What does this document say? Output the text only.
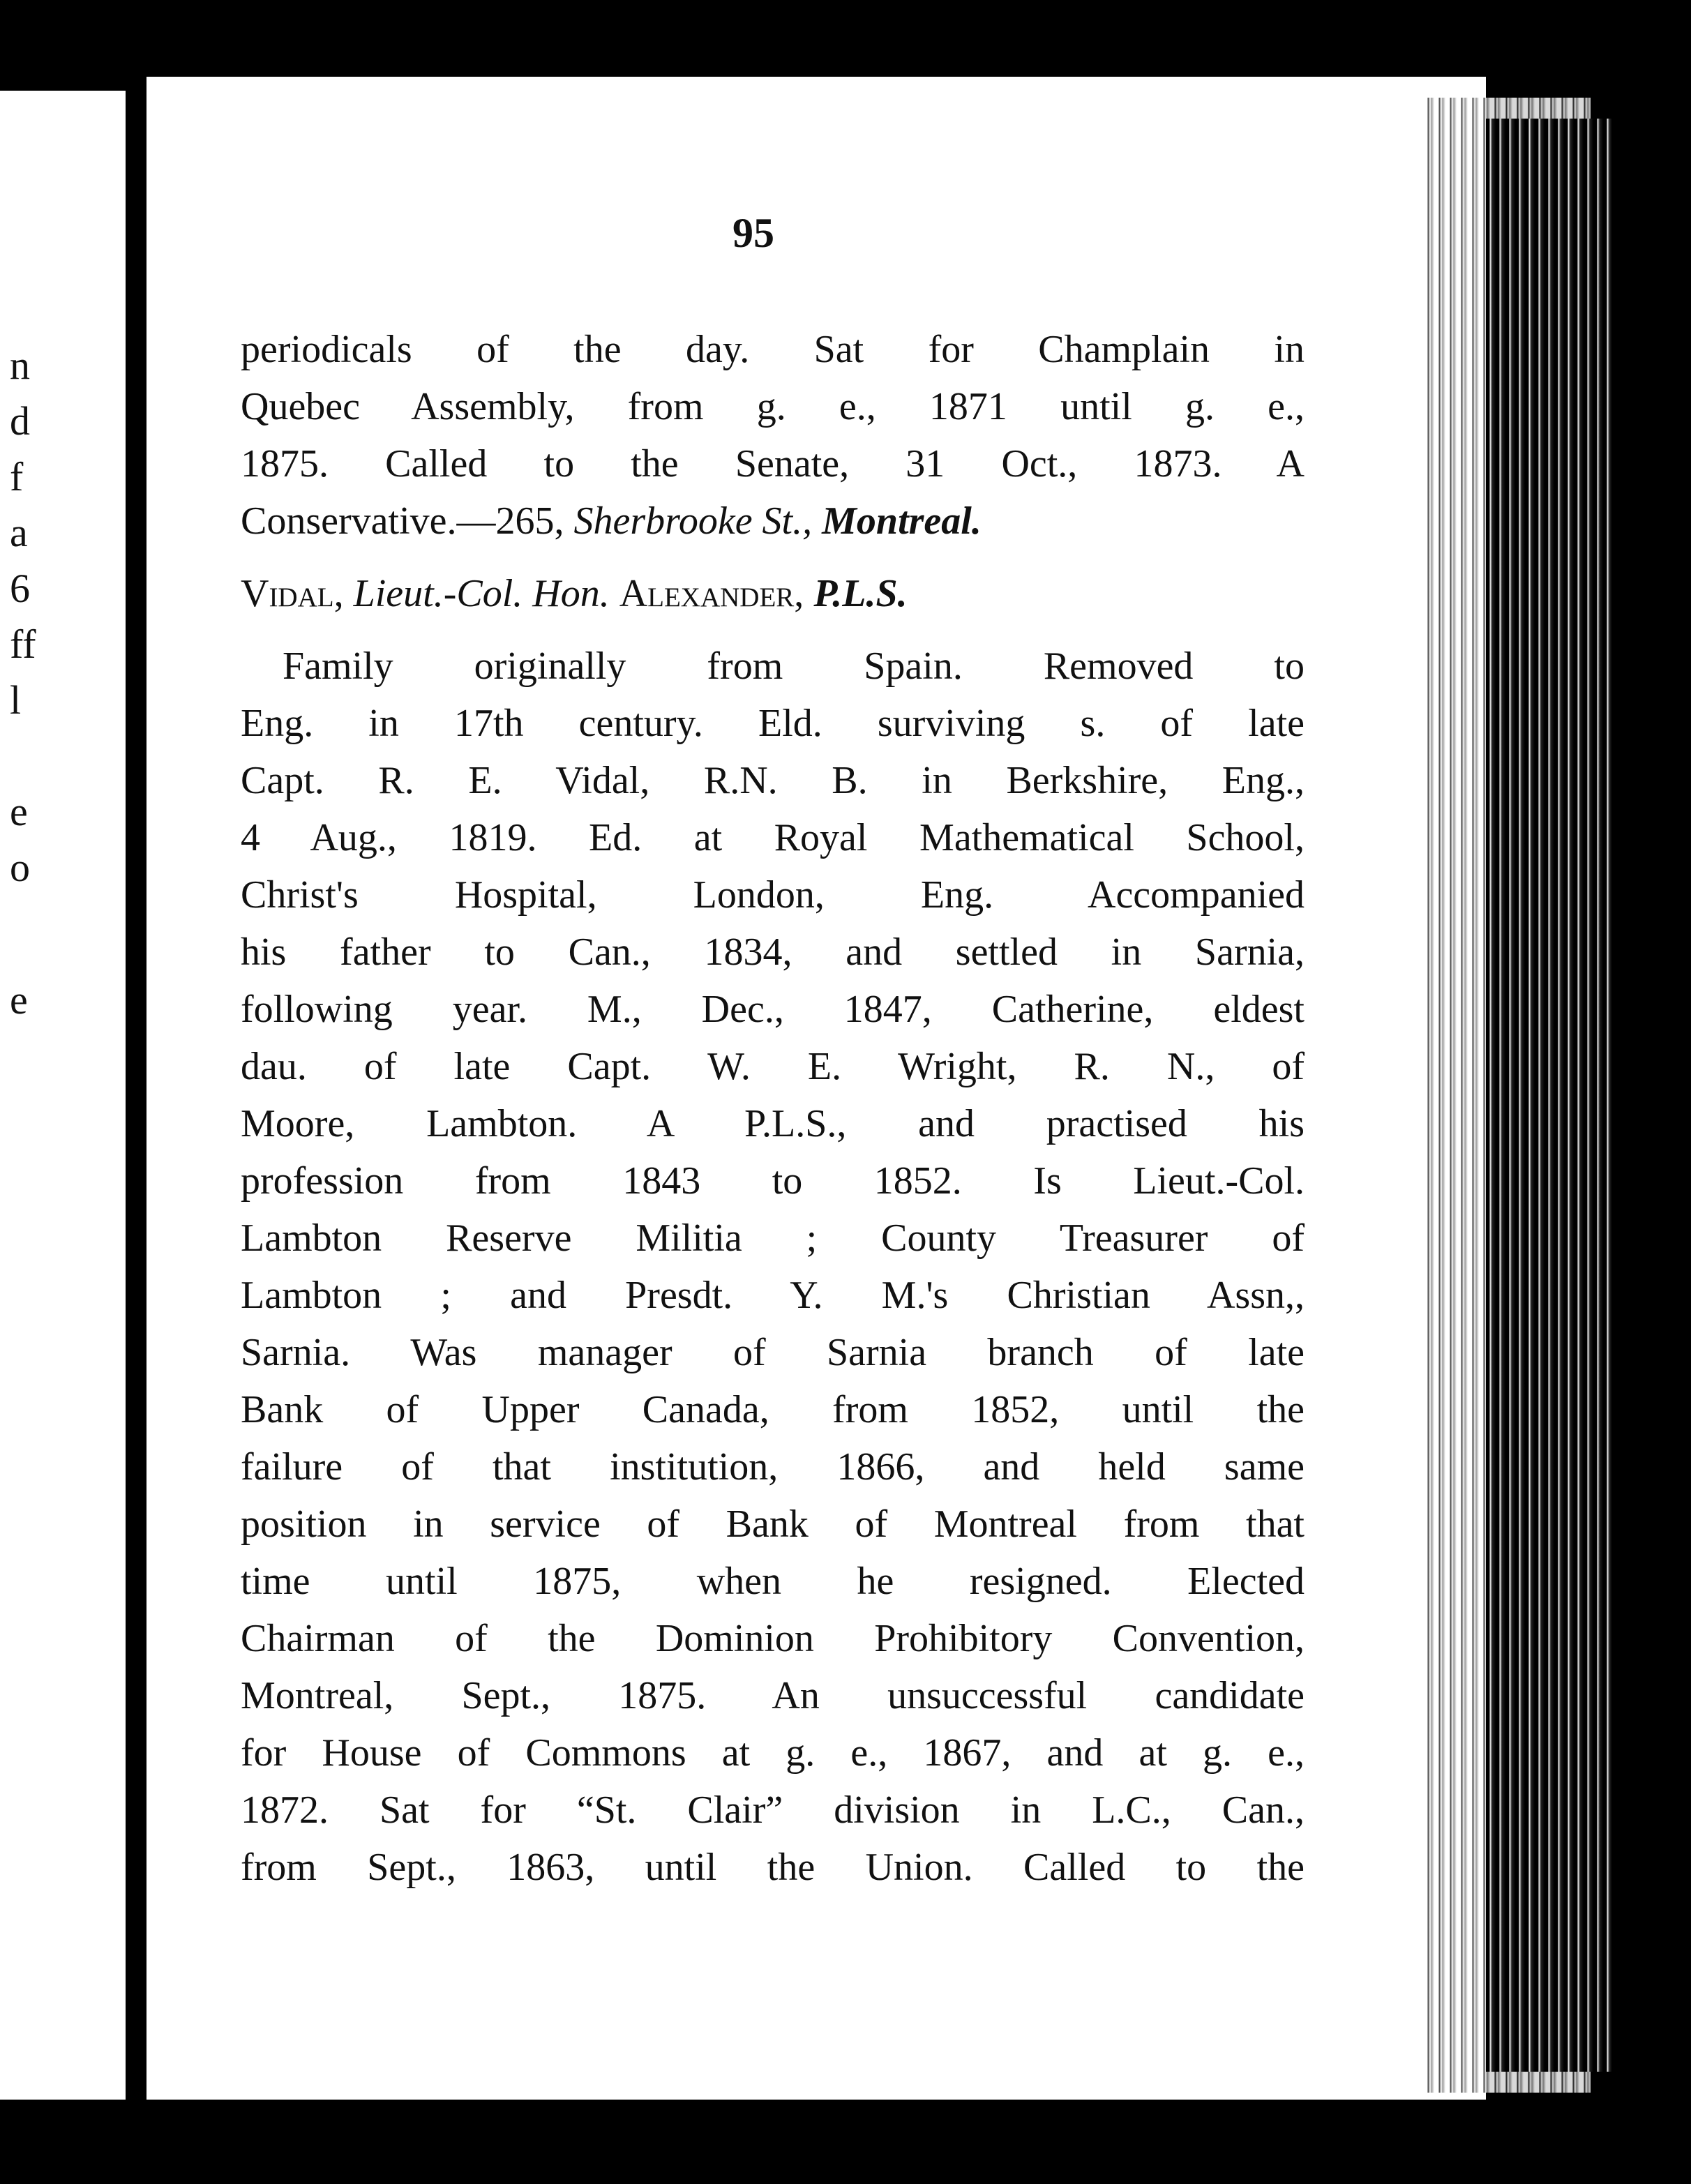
n
d
f
a
6
ff
l
e
o
e
95
periodicals of the day. Sat for Champlain in
Quebec Assembly, from g. e., 1871 until g. e.,
1875. Called to the Senate, 31 Oct., 1873. A
Conservative.—265, Sherbrooke St., Montreal.
Vidal, Lieut.-Col. Hon. Alexander, P.L.S.
Family originally from Spain. Removed to
Eng. in 17th century. Eld. surviving s. of late
Capt. R. E. Vidal, R.N. B. in Berkshire, Eng.,
4 Aug., 1819. Ed. at Royal Mathematical School,
Christ's Hospital, London, Eng. Accompanied
his father to Can., 1834, and settled in Sarnia,
following year. M., Dec., 1847, Catherine, eldest
dau. of late Capt. W. E. Wright, R. N., of
Moore, Lambton. A P.L.S., and practised his
profession from 1843 to 1852. Is Lieut.-Col.
Lambton Reserve Militia ; County Treasurer of
Lambton ; and Presdt. Y. M.'s Christian Assn,,
Sarnia. Was manager of Sarnia branch of late
Bank of Upper Canada, from 1852, until the
failure of that institution, 1866, and held same
position in service of Bank of Montreal from that
time until 1875, when he resigned. Elected
Chairman of the Dominion Prohibitory Convention,
Montreal, Sept., 1875. An unsuccessful candidate
for House of Commons at g. e., 1867, and at g. e.,
1872. Sat for “St. Clair” division in L.C., Can.,
from Sept., 1863, until the Union. Called to the
